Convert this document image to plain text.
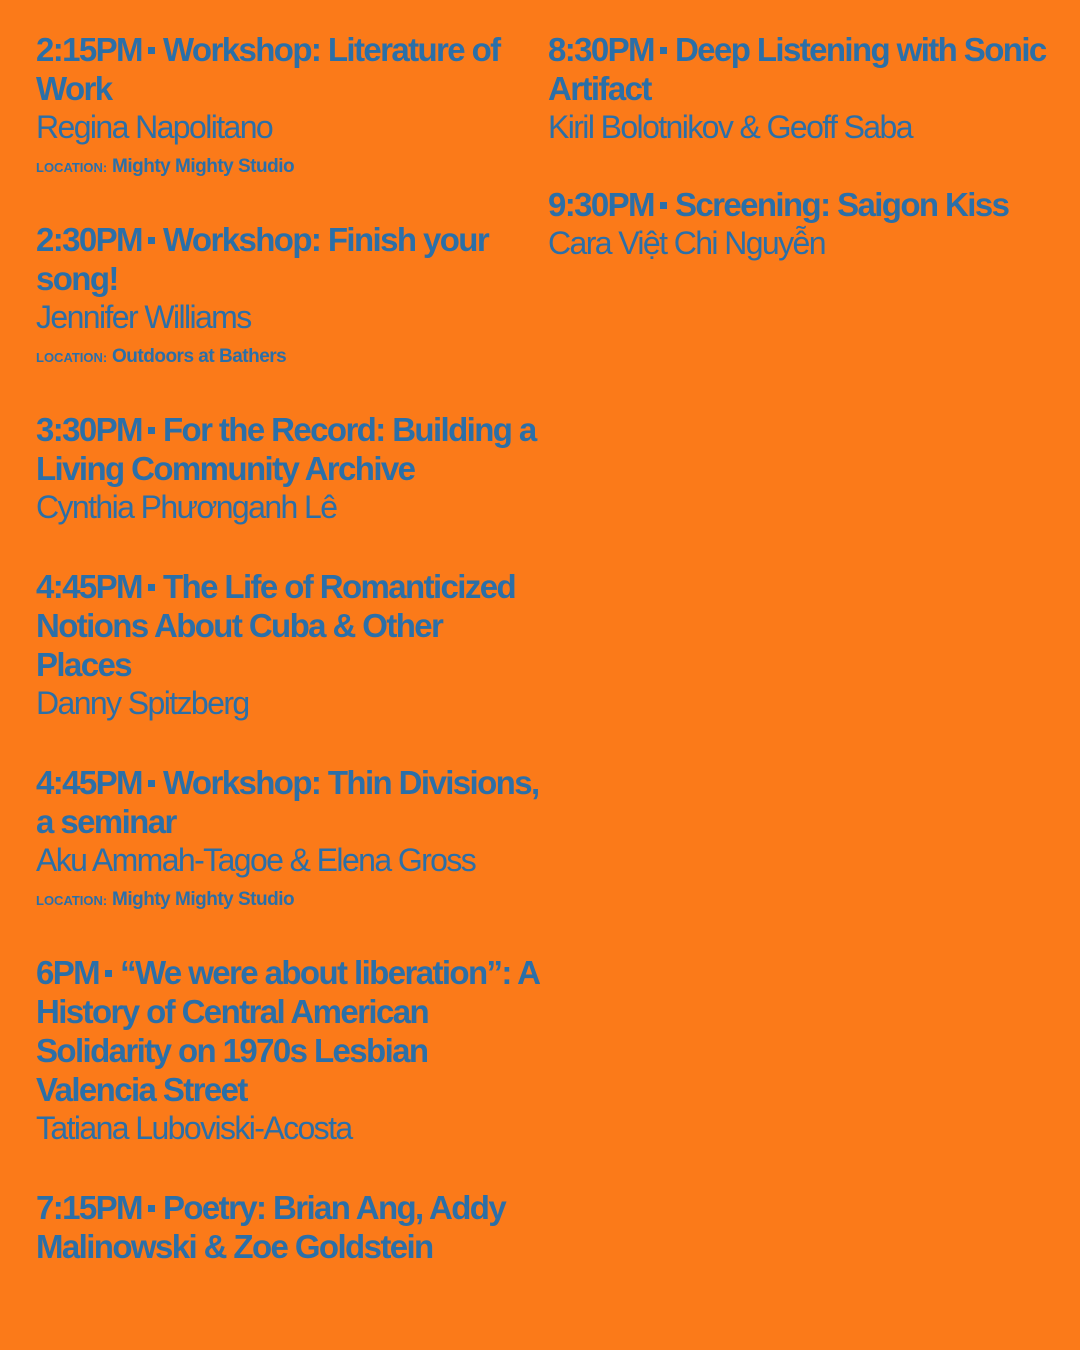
2:15PM Workshop: Literature of Work
Regina Napolitano
LOCATION: Mighty Mighty Studio
2:30PM Workshop: Finish your song!
Jennifer Williams
LOCATION: Outdoors at Bathers
3:30PM For the Record: Building a Living Community Archive
Cynthia Phươnganh Lê
4:45PM The Life of Romanticized Notions About Cuba & Other Places
Danny Spitzberg
4:45PM Workshop: Thin Divisions, a seminar
Aku Ammah-Tagoe & Elena Gross
LOCATION: Mighty Mighty Studio
6PM “We were about liberation”: A History of Central American Solidarity on 1970s Lesbian Valencia Street
Tatiana Luboviski-Acosta
7:15PM Poetry: Brian Ang, Addy Malinowski & Zoe Goldstein
8:30PM Deep Listening with Sonic Artifact
Kiril Bolotnikov & Geoff Saba
9:30PM Screening: Saigon Kiss
Cara Việt Chi Nguyễn
